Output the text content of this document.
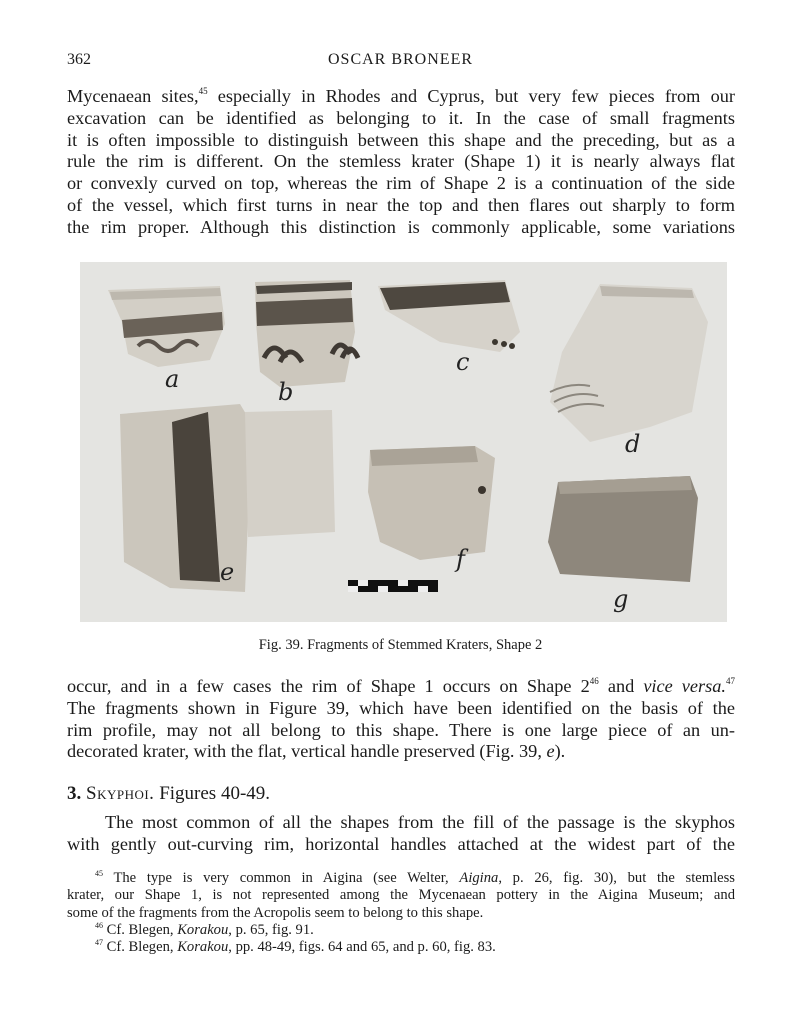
362	OSCAR BRONEER
Mycenaean sites,$^{45}$ especially in Rhodes and Cyprus, but very few pieces from our
excavation can be identified as belonging to it. In the case of small fragments
it is often impossible to distinguish between this shape and the preceding, but as a
rule the rim is different. On the stemless krater (Shape 1) it is nearly always flat
or convexly curved on top, whereas the rim of Shape 2 is a continuation of the side
of the vessel, which first turns in near the top and then flares out sharply to form
the rim proper. Although this distinction is commonly applicable, some variations
a	b
c
d
e	f
g
Fig. 39. Fragments of Stemmed Kraters, Shape 2
occur, and in a few cases the rim of Shape 1 occurs on Shape $2^{46}$ and vice versa.$^{47}$
The fragments shown in Figure 39, which have been identified on the basis of the
rim profile, may not all belong to this shape. There is one large piece of an un-
decorated krater, with the flat, vertical handle preserved (Fig. 39, e).
3. Skyphoi. Figures 40-49.
The most common of all the shapes from the fill of the passage is the skyphos
with gently out-curving rim, horizontal handles attached at the widest part of the
$^{45}$ The type is very common in Aigina (see Welter, Aigina, p. 26, fig. 30), but the stemless
krater, our Shape 1, is not represented among the Mycenaean pottery in the Aigina Museum; and
some of the fragments from the Acropolis seem to belong to this shape.
$^{46}$ Cf. Blegen, Korakou, p. 65, fig. 91.
$^{47}$ Cf. Blegen, Korakou, pp. 48-49, figs. 64 and 65, and p. 60, fig. 83.
